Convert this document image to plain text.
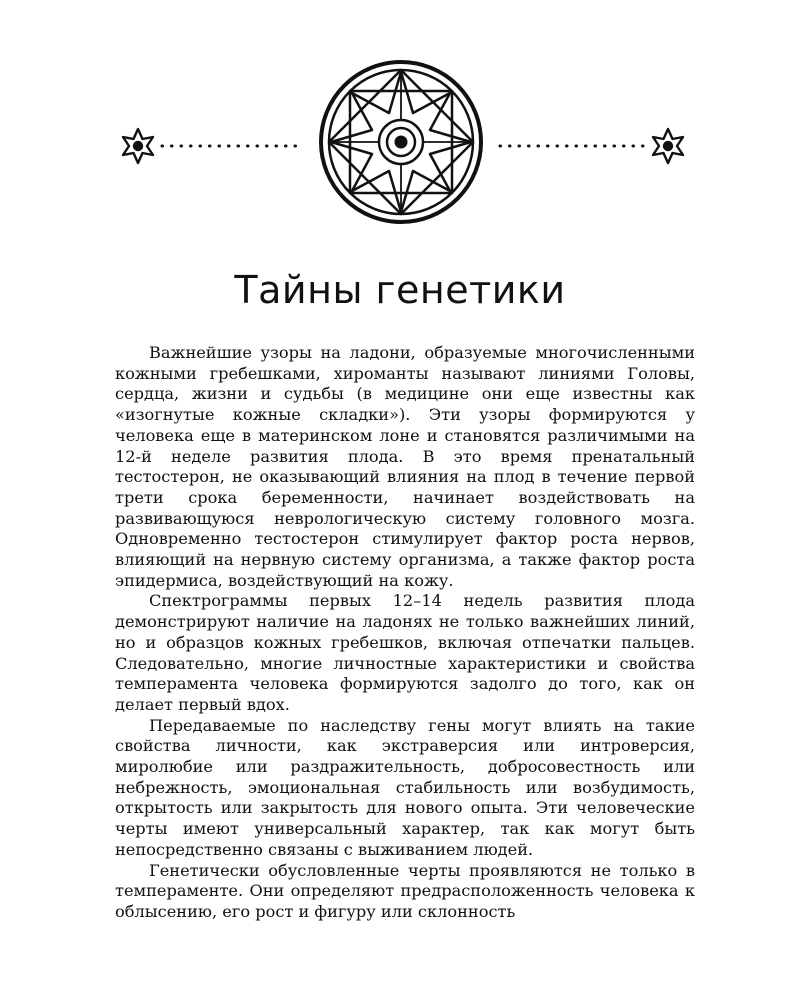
Тайны генетики

Важнейшие узоры на ладони, образуемые многочисленными кожными гребешками, хироманты называют линиями Головы, сердца, жизни и судьбы (в медицине они еще известны как «изогнутые кожные складки»). Эти узоры формируются у человека еще в материнском лоне и становятся различимыми на 12-й неделе развития плода. В это время пренатальный тестостерон, не оказывающий влияния на плод в течение первой трети срока беременности, начинает воздействовать на развивающуюся неврологическую систему головного мозга. Одновременно тестостерон стимулирует фактор роста нервов, влияющий на нервную систему организма, а также фактор роста эпидермиса, воздействующий на кожу.

Спектрограммы первых 12–14 недель развития плода демонстрируют наличие на ладонях не только важнейших линий, но и образцов кожных гребешков, включая отпечатки пальцев. Следовательно, многие личностные характеристики и свойства темперамента человека формируются задолго до того, как он делает первый вдох.

Передаваемые по наследству гены могут влиять на такие свойства личности, как экстраверсия или интроверсия, миролюбие или раздражительность, добросовестность или небрежность, эмоциональная стабильность или возбудимость, открытость или закрытость для нового опыта. Эти человеческие черты имеют универсальный характер, так как могут быть непосредственно связаны с выживанием людей.

Генетически обусловленные черты проявляются не только в темпераменте. Они определяют предрасположенность человека к облысению, его рост и фигуру или склонность
